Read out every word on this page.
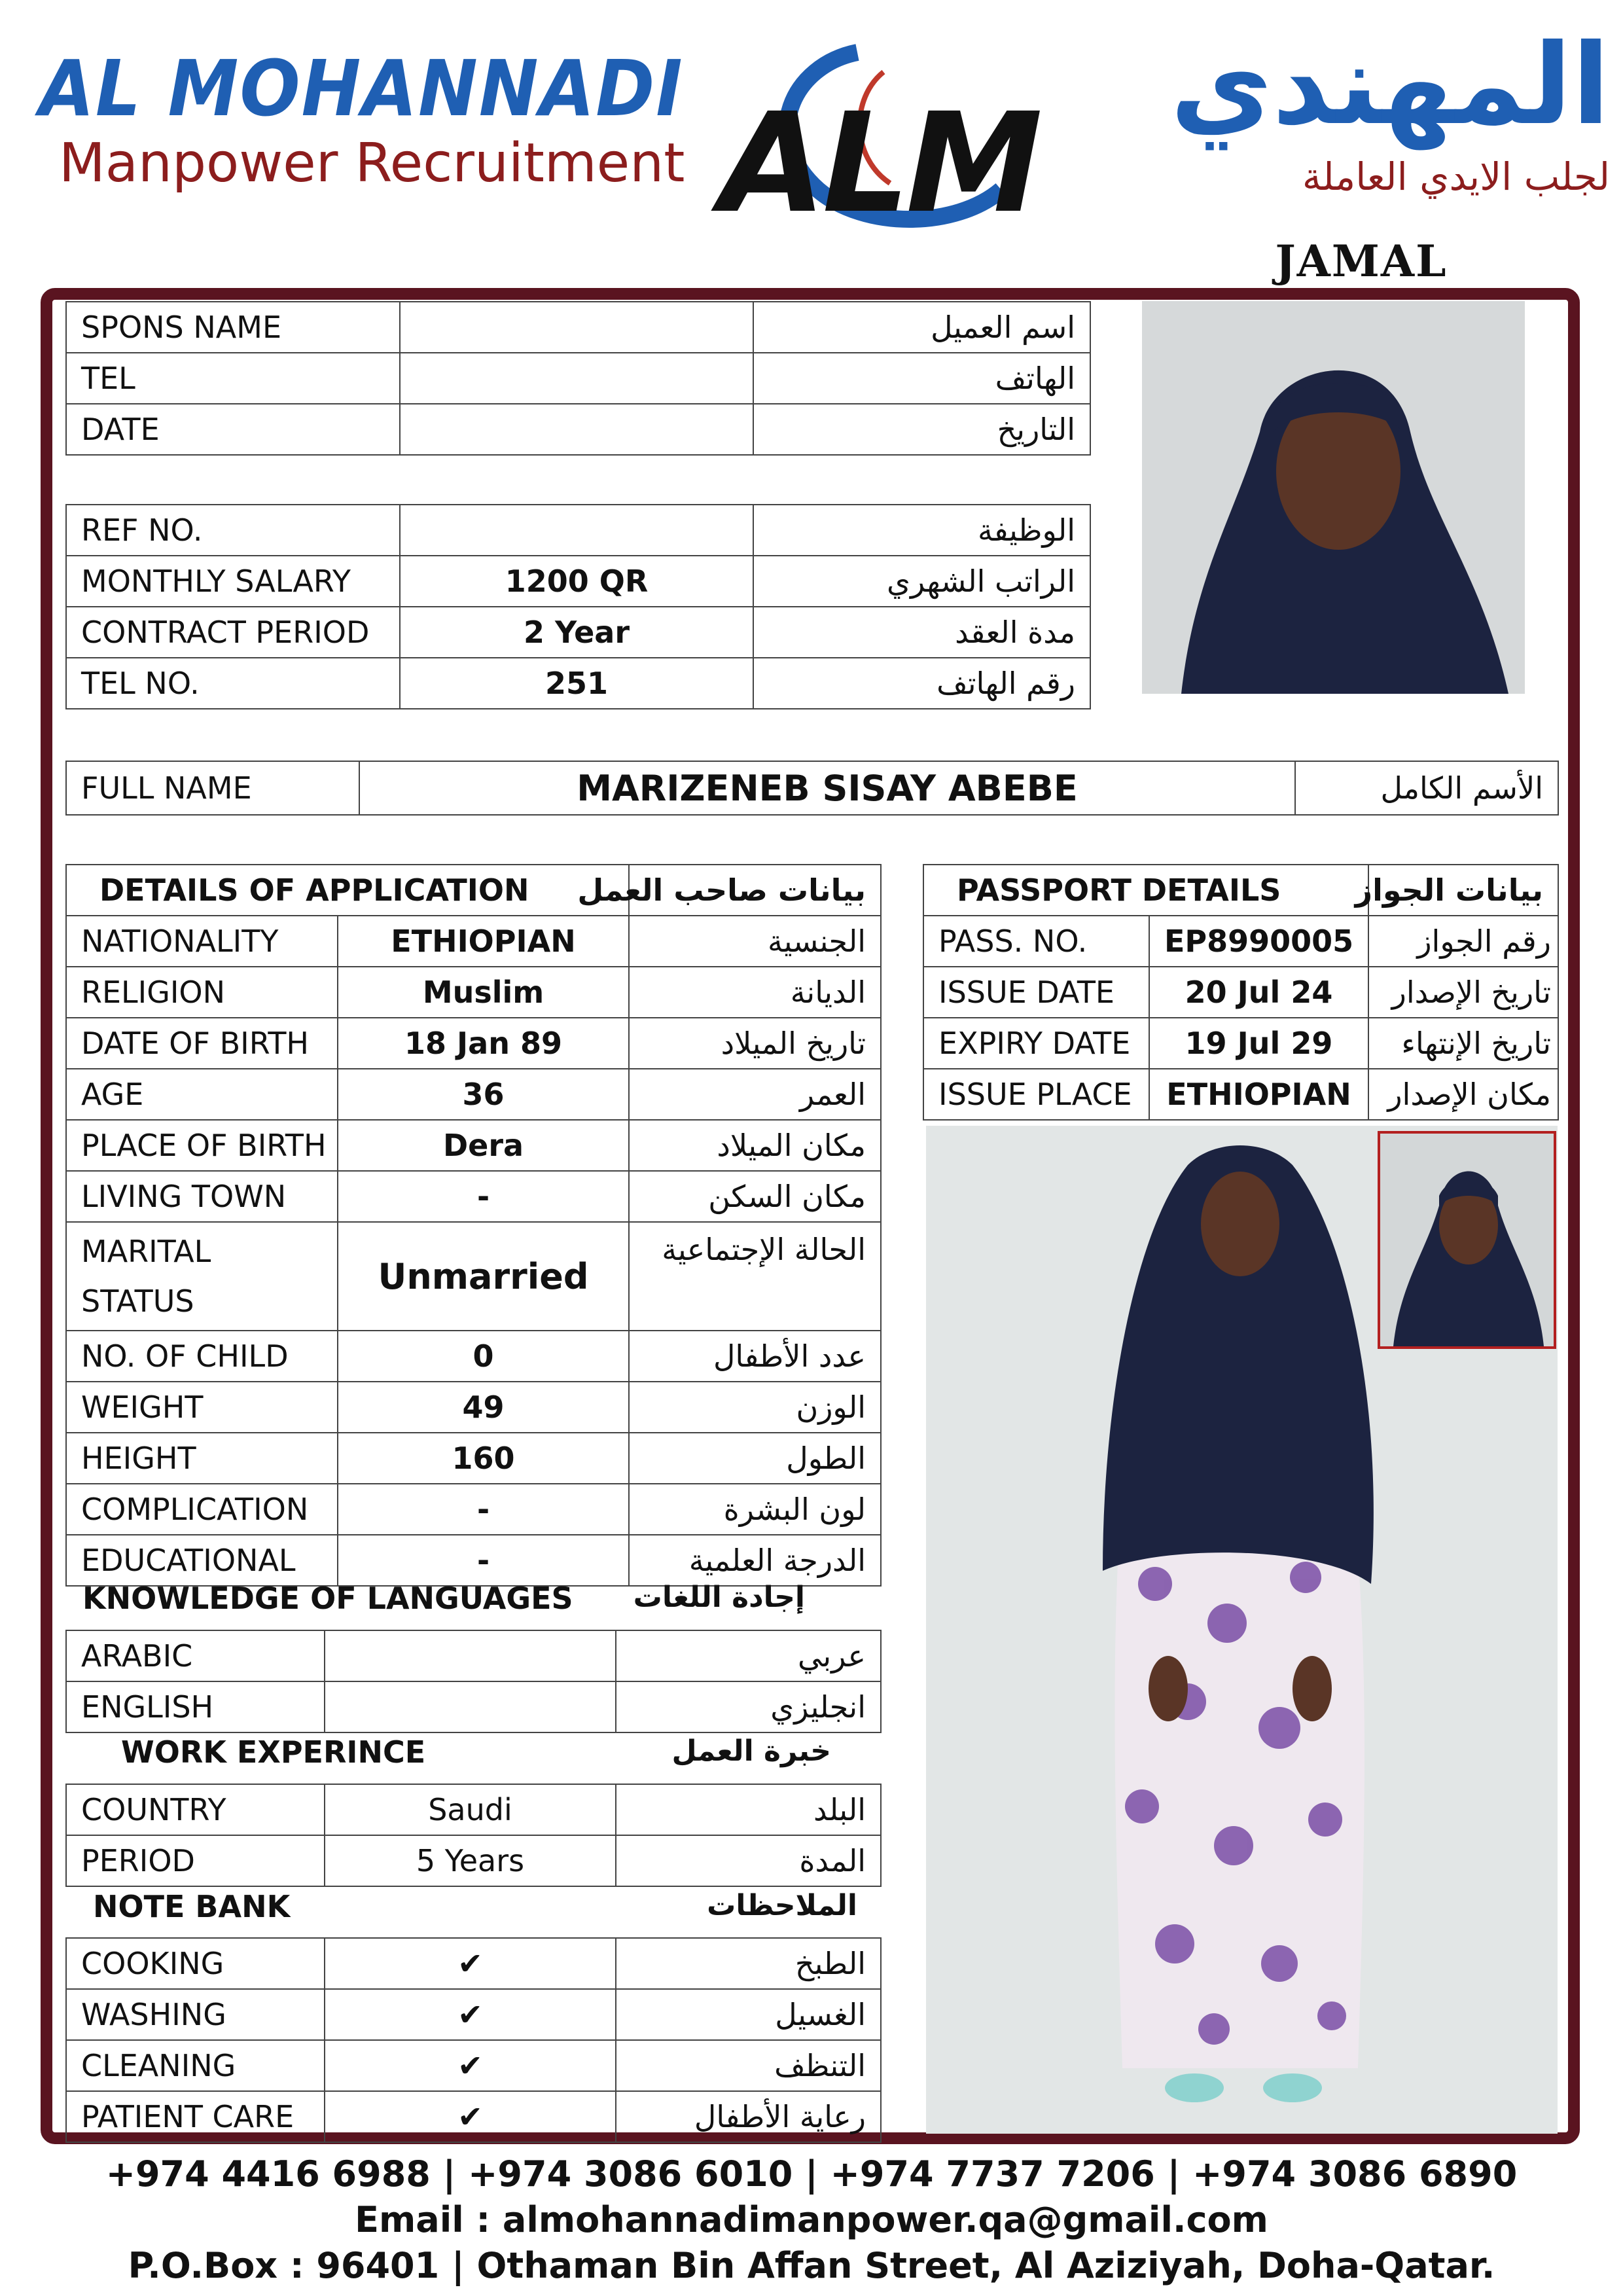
AL MOHANNADI
Manpower Recruitment ALM	المهندي
لجلب الايدي العاملة
JAMAL
SPONS NAME		اسم العميل
TEL		الهاتف
DATE		التاريخ
REF NO.		الوظيفة
MONTHLY SALARY	1200 QR	الراتب الشهري
CONTRACT PERIOD	2 Year	مدة العقد
TEL NO.	251	رقم الهاتف
FULL NAME	MARIZENEB SISAY ABEBE	الأسم الكامل
DETAILS OF APPLICATION		بيانات صاحب العمل
NATIONALITY	ETHIOPIAN	الجنسية
RELIGION	Muslim	الديانة
DATE OF BIRTH	18 Jan 89	تاريخ الميلاد
AGE	36	العمر
PLACE OF BIRTH	Dera	مكان الميلاد
LIVING TOWN	-	مكان السكن

MARITAL
STATUS	Unmarried	الحالة الإجتماعية
NO. OF CHILD	0	عدد الأطفال
WEIGHT	49	الوزن
HEIGHT	160	الطول
COMPLICATION	-	لون البشرة
EDUCATIONAL	-	الدرجة العلمية
KNOWLEDGE OF LANGUAGES	إجادة اللغات
ARABIC		عربي
ENGLISH		انجليزي
WORK EXPERINCE	خبرة العمل
COUNTRY	Saudi	البلد
PERIOD	5 Years	المدة
NOTE BANK	الملاحظات
COOKING	✔	الطبخ
WASHING	✔	الغسيل
CLEANING	✔	التنظف
PATIENT CARE	✔	رعاية الأطفال
PASSPORT DETAILS		بيانات الجواز
PASS. NO.	EP8990005	رقم الجواز
ISSUE DATE	20 Jul 24	تاريخ الإصدار
EXPIRY DATE	19 Jul 29	تاريخ الإنتهاء
ISSUE PLACE	ETHIOPIAN	مكان الإصدار
+974 4416 6988 | +974 3086 6010 | +974 7737 7206 | +974 3086 6890
Email : almohannadimanpower.qa@gmail.com
P.O.Box : 96401 | Othaman Bin Affan Street, Al Aziziyah, Doha-Qatar.
